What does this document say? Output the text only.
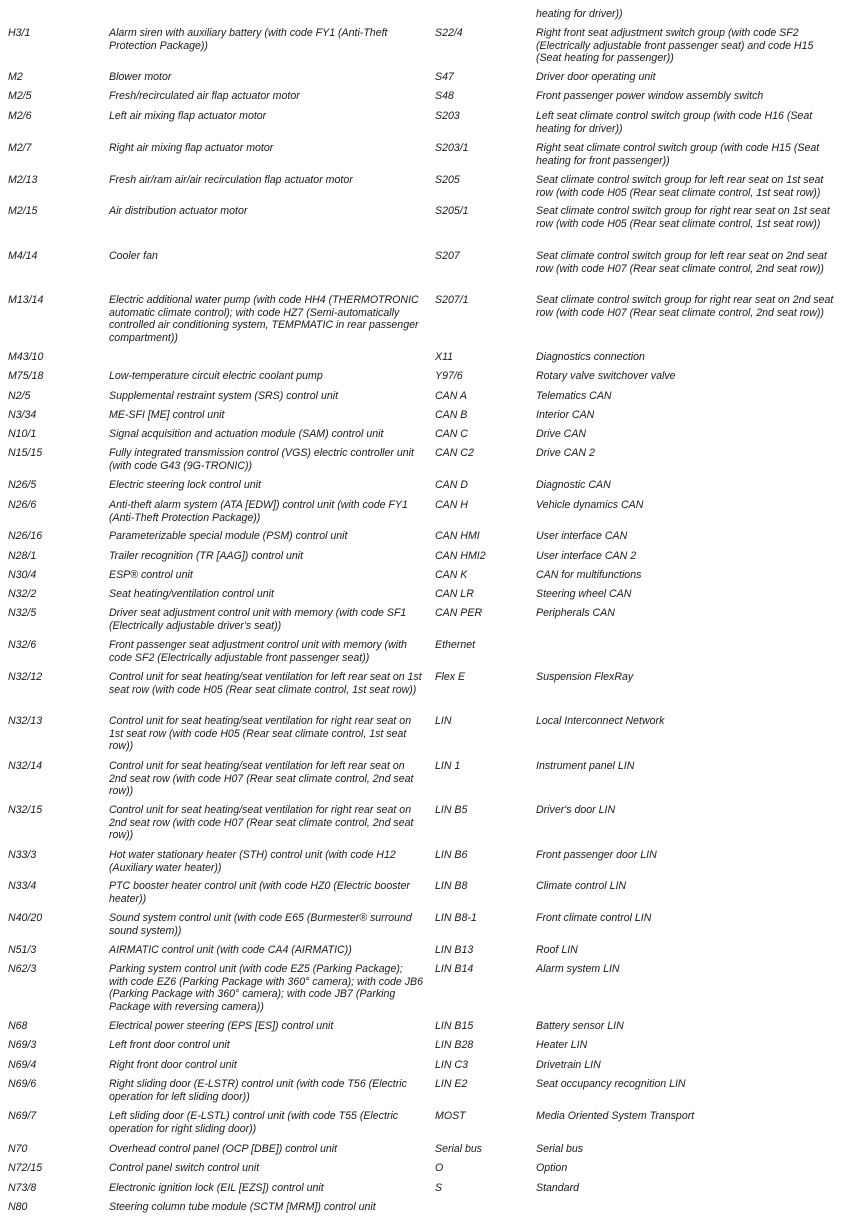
H3/1	Alarm siren with auxiliary battery (with code FY1 (Anti-Theft Protection Package))
M2	Blower motor
M2/5	Fresh/recirculated air flap actuator motor
M2/6	Left air mixing flap actuator motor
M2/7	Right air mixing flap actuator motor
M2/13	Fresh air/ram air/air recirculation flap actuator motor
M2/15	Air distribution actuator motor
M4/14	Cooler fan
M13/14	Electric additional water pump (with code HH4 (THERMOTRONIC automatic climate control); with code HZ7 (Semi-automatically controlled air conditioning system, TEMPMATIC in rear passenger compartment))
M43/10
M75/18	Low-temperature circuit electric coolant pump
N2/5	Supplemental restraint system (SRS) control unit
N3/34	ME-SFI [ME] control unit
N10/1	Signal acquisition and actuation module (SAM) control unit
N15/15	Fully integrated transmission control (VGS) electric controller unit (with code G43 (9G-TRONIC))
N26/5	Electric steering lock control unit
N26/6	Anti-theft alarm system (ATA [EDW]) control unit (with code FY1 (Anti-Theft Protection Package))
N26/16	Parameterizable special module (PSM) control unit
N28/1	Trailer recognition (TR [AAG]) control unit
N30/4	ESP® control unit
N32/2	Seat heating/ventilation control unit
N32/5	Driver seat adjustment control unit with memory (with code SF1 (Electrically adjustable driver's seat))
N32/6	Front passenger seat adjustment control unit with memory (with code SF2 (Electrically adjustable front passenger seat))
N32/12	Control unit for seat heating/seat ventilation for left rear seat on 1st seat row (with code H05 (Rear seat climate control, 1st seat row))
N32/13	Control unit for seat heating/seat ventilation for right rear seat on 1st seat row (with code H05 (Rear seat climate control, 1st seat row))
N32/14	Control unit for seat heating/seat ventilation for left rear seat on 2nd seat row (with code H07 (Rear seat climate control, 2nd seat row))
N32/15	Control unit for seat heating/seat ventilation for right rear seat on 2nd seat row (with code H07 (Rear seat climate control, 2nd seat row))
N33/3	Hot water stationary heater (STH) control unit (with code H12 (Auxiliary water heater))
N33/4	PTC booster heater control unit (with code HZ0 (Electric booster heater))
N40/20	Sound system control unit (with code E65 (Burmester® surround sound system))
N51/3	AIRMATIC control unit (with code CA4 (AIRMATIC))
N62/3	Parking system control unit (with code EZ5 (Parking Package); with code EZ6 (Parking Package with 360° camera); with code JB6 (Parking Package with 360° camera); with code JB7 (Parking Package with reversing camera))
N68	Electrical power steering (EPS [ES]) control unit
N69/3	Left front door control unit
N69/4	Right front door control unit
N69/6	Right sliding door (E-LSTR) control unit (with code T56 (Electric operation for left sliding door))
N69/7	Left sliding door (E-LSTL) control unit (with code T55 (Electric operation for right sliding door))
N70	Overhead control panel (OCP [DBE]) control unit
N72/15	Control panel switch control unit
N73/8	Electronic ignition lock (EIL [EZS]) control unit
N80	Steering column tube module (SCTM [MRM]) control unit
heating for driver))
S22/4	Right front seat adjustment switch group (with code SF2 (Electrically adjustable front passenger seat) and code H15 (Seat heating for passenger))
S47	Driver door operating unit
S48	Front passenger power window assembly switch
S203	Left seat climate control switch group (with code H16 (Seat heating for driver))
S203/1	Right seat climate control switch group (with code H15 (Seat heating for front passenger))
S205	Seat climate control switch group for left rear seat on 1st seat row (with code H05 (Rear seat climate control, 1st seat row))
S205/1	Seat climate control switch group for right rear seat on 1st seat row (with code H05 (Rear seat climate control, 1st seat row))
S207	Seat climate control switch group for left rear seat on 2nd seat row (with code H07 (Rear seat climate control, 2nd seat row))
S207/1	Seat climate control switch group for right rear seat on 2nd seat row (with code H07 (Rear seat climate control, 2nd seat row))
X11	Diagnostics connection
Y97/6	Rotary valve switchover valve
CAN A	Telematics CAN
CAN B	Interior CAN
CAN C	Drive CAN
CAN C2	Drive CAN 2
CAN D	Diagnostic CAN
CAN H	Vehicle dynamics CAN
CAN HMI	User interface CAN
CAN HMI2	User interface CAN 2
CAN K	CAN for multifunctions
CAN LR	Steering wheel CAN
CAN PER	Peripherals CAN
Ethernet
Flex E	Suspension FlexRay
LIN	Local Interconnect Network
LIN 1	Instrument panel LIN
LIN B5	Driver's door LIN
LIN B6	Front passenger door LIN
LIN B8	Climate control LIN
LIN B8-1	Front climate control LIN
LIN B13	Roof LIN
LIN B14	Alarm system LIN
LIN B15	Battery sensor LIN
LIN B28	Heater LIN
LIN C3	Drivetrain LIN
LIN E2	Seat occupancy recognition LIN
MOST	Media Oriented System Transport
Serial bus	Serial bus
O	Option
S	Standard
